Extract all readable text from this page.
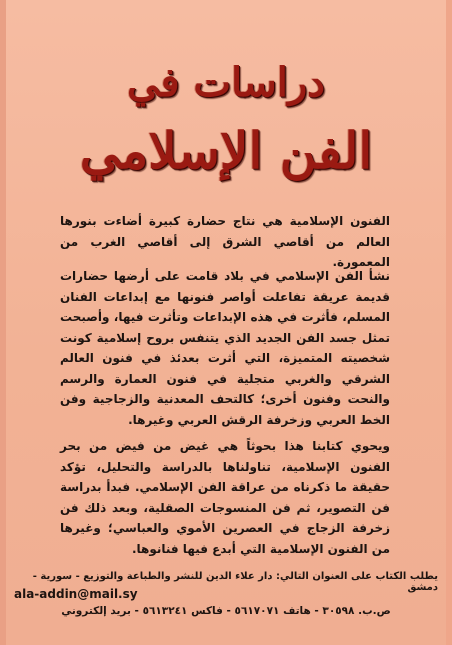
دراسات في
الفن الإسلامي
الفنون الإسلامية هي نتاج حضارة كبيرة أضاءت بنورها العالم من أقاصي الشرق إلى أقاصي الغرب من المعمورة.
نشأ الفن الإسلامي في بلاد قامت على أرضها حضارات قديمة عريقة تفاعلت أواصر فنونها مع إبداعات الفنان المسلم، فأثرت في هذه الإبداعات وتأثرت فيها، وأصبحت تمثل جسد الفن الجديد الذي يتنفس بروح إسلامية كونت شخصيته المتميزة، التي أثرت بعدئذ في فنون العالم الشرقي والغربي متجلية في فنون العمارة والرسم والنحت وفنون أخرى؛ كالتحف المعدنية والزجاجية وفن الخط العربي وزخرفة الرقش العربي وغيرها.
ويحوي كتابنا هذا بحوثاً هي غيض من فيض من بحر الفنون الإسلامية، تناولناها بالدراسة والتحليل، تؤكد حقيقة ما ذكرناه من عراقة الفن الإسلامي. فبدأ بدراسة فن التصوير، ثم فن المنسوجات الصقلية، وبعد ذلك فن زخرفة الزجاج في العصرين الأموي والعباسي؛ وغيرها من الفنون الإسلامية التي أبدع فيها فنانوها.
يطلب الكتاب على العنوان التالي: دار علاء الدين للنشر والطباعة والتوزيع - سورية - دمشق
ala-addin@mail.sy
ص.ب. ٣٠٥٩٨ - هاتف ٥٦١٧٠٧١ - فاكس ٥٦١٣٢٤١ - بريد إلكتروني
